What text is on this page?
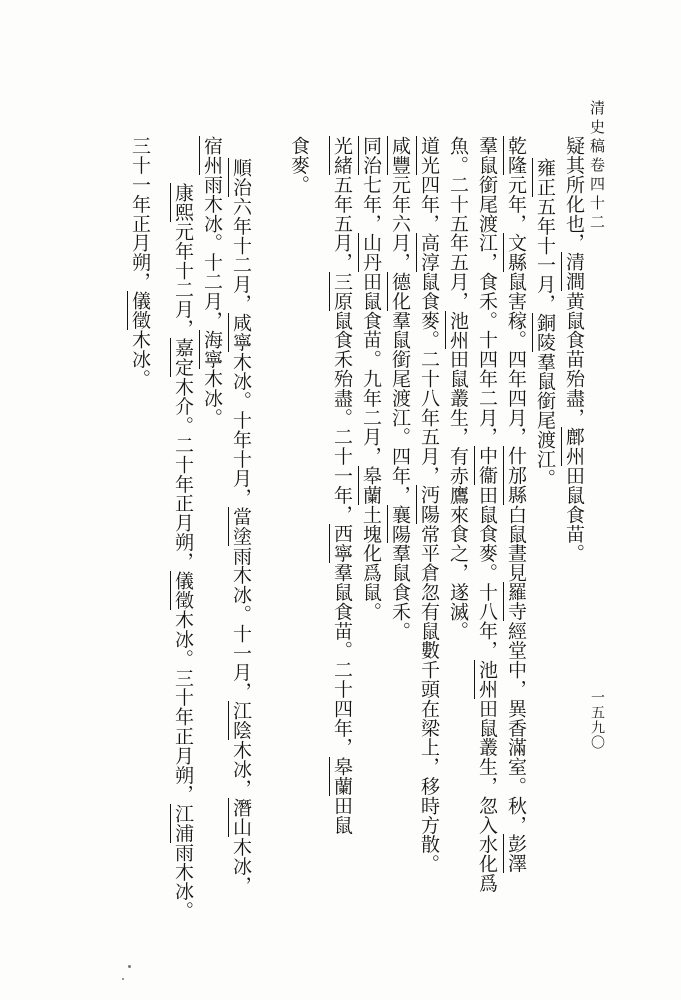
清史稿卷四十二
一五九〇
疑其所化也，清澗黄鼠食苗殆盡，鄜州田鼠食苗。
雍正五年十一月，銅陵羣鼠銜尾渡江。
乾隆元年，文縣鼠害稼。四年四月，什邡縣白鼠晝見羅寺經堂中，異香滿室。秋，彭澤
羣鼠銜尾渡江，食禾。十四年二月，中衞田鼠食麥。十八年，池州田鼠叢生，忽入水化爲
魚。二十五年五月，池州田鼠叢生，有赤鷹來食之，遂滅。
道光四年，高淳鼠食麥。二十八年五月，沔陽常平倉忽有鼠數千頭在梁上，移時方散。
咸豐元年六月，德化羣鼠銜尾渡江。四年，襄陽羣鼠食禾。
同治七年，山丹田鼠食苗。九年二月，皋蘭土塊化爲鼠。
光緒五年五月，三原鼠食禾殆盡。二十一年，西寧羣鼠食苗。二十四年，皋蘭田鼠
食麥。
順治六年十二月，咸寧木冰。十年十月，當塗雨木冰。十一月，江陰木冰，潛山木冰，
宿州雨木冰。十二月，海寧木冰。
康熙元年十二月，嘉定木介。二十年正月朔，儀徵木冰。三十年正月朔，江浦雨木冰。
三十一年正月朔，儀徵木冰。
